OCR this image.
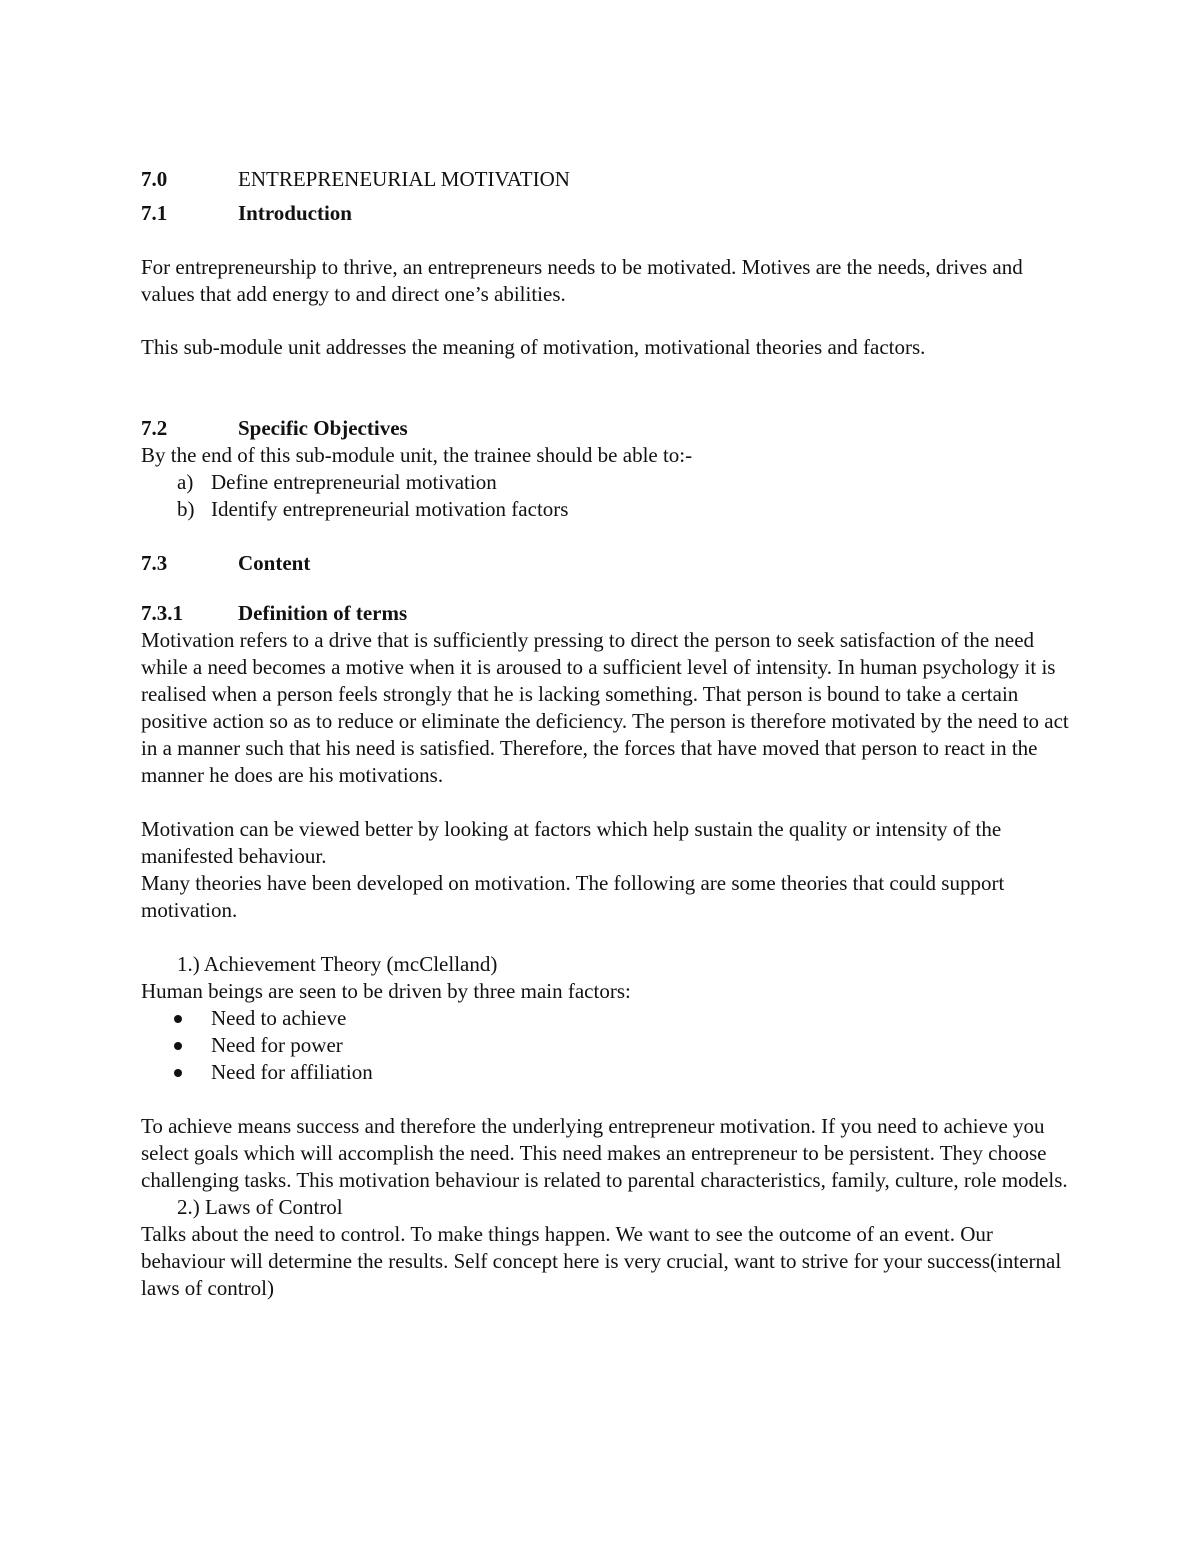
7.0	ENTREPRENEURIAL MOTIVATION
7.1	Introduction

For entrepreneurship to thrive, an entrepreneurs needs to be motivated. Motives are the needs, drives and values that add energy to and direct one’s abilities.

This sub-module unit addresses the meaning of motivation, motivational theories and factors.

7.2	Specific Objectives

By the end of this sub-module unit, the trainee should be able to:-

a) Define entrepreneurial motivation
b) Identify entrepreneurial motivation factors
7.3	Content
7.3.1	Definition of terms

Motivation refers to a drive that is sufficiently pressing to direct the person to seek satisfaction of the need while a need becomes a motive when it is aroused to a sufficient level of intensity. In human psychology it is realised when a person feels strongly that he is lacking something. That person is bound to take a certain positive action so as to reduce or eliminate the deficiency. The person is therefore motivated by the need to act in a manner such that his need is satisfied. Therefore, the forces that have moved that person to react in the manner he does are his motivations.

Motivation can be viewed better by looking at factors which help sustain the quality or intensity of the manifested behaviour.

Many theories have been developed on motivation. The following are some theories that could support motivation.

1.) Achievement Theory (mcClelland)

Human beings are seen to be driven by three main factors:

Need to achieve
Need for power
Need for affiliation

To achieve means success and therefore the underlying entrepreneur motivation. If you need to achieve you select goals which will accomplish the need. This need makes an entrepreneur to be persistent. They choose challenging tasks. This motivation behaviour is related to parental characteristics, family, culture, role models.

2.) Laws of Control

Talks about the need to control. To make things happen. We want to see the outcome of an event. Our behaviour will determine the results. Self concept here is very crucial, want to strive for your success(internal laws of control)
